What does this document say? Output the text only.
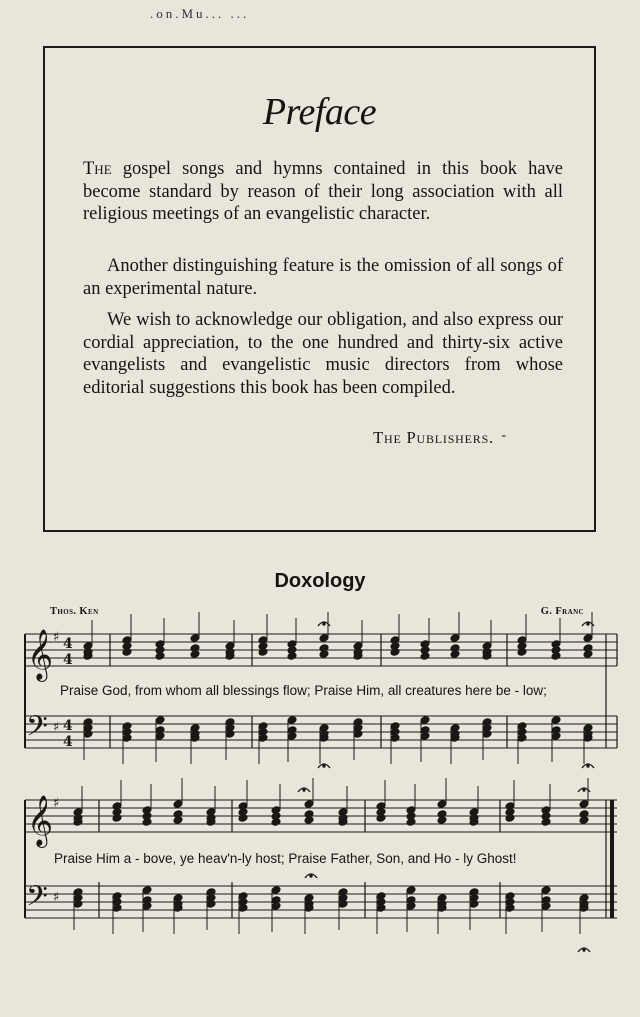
.on.Mu... ...
Preface

The gospel songs and hymns contained in this book have become standard by reason of their long association with all religious meetings of an evangelistic character.

Another distinguishing feature is the omission of all songs of an experimental nature.

We wish to acknowledge our obligation, and also express our cordial appreciation, to the one hundred and thirty-six active evangelists and evangelistic music directors from whose editorial suggestions this book has been compiled.

The Publishers. -
Doxology
Thos. Ken	G. Franc
𝄞 ♯ 4
4
𝄢 ♯ 4
4
𝄞 ♯
𝄢 ♯
Praise God, from whom all blessings flow; Praise Him, all creatures here be - low;
Praise Him a - bove, ye heav'n-ly host; Praise Father, Son, and Ho - ly Ghost!
